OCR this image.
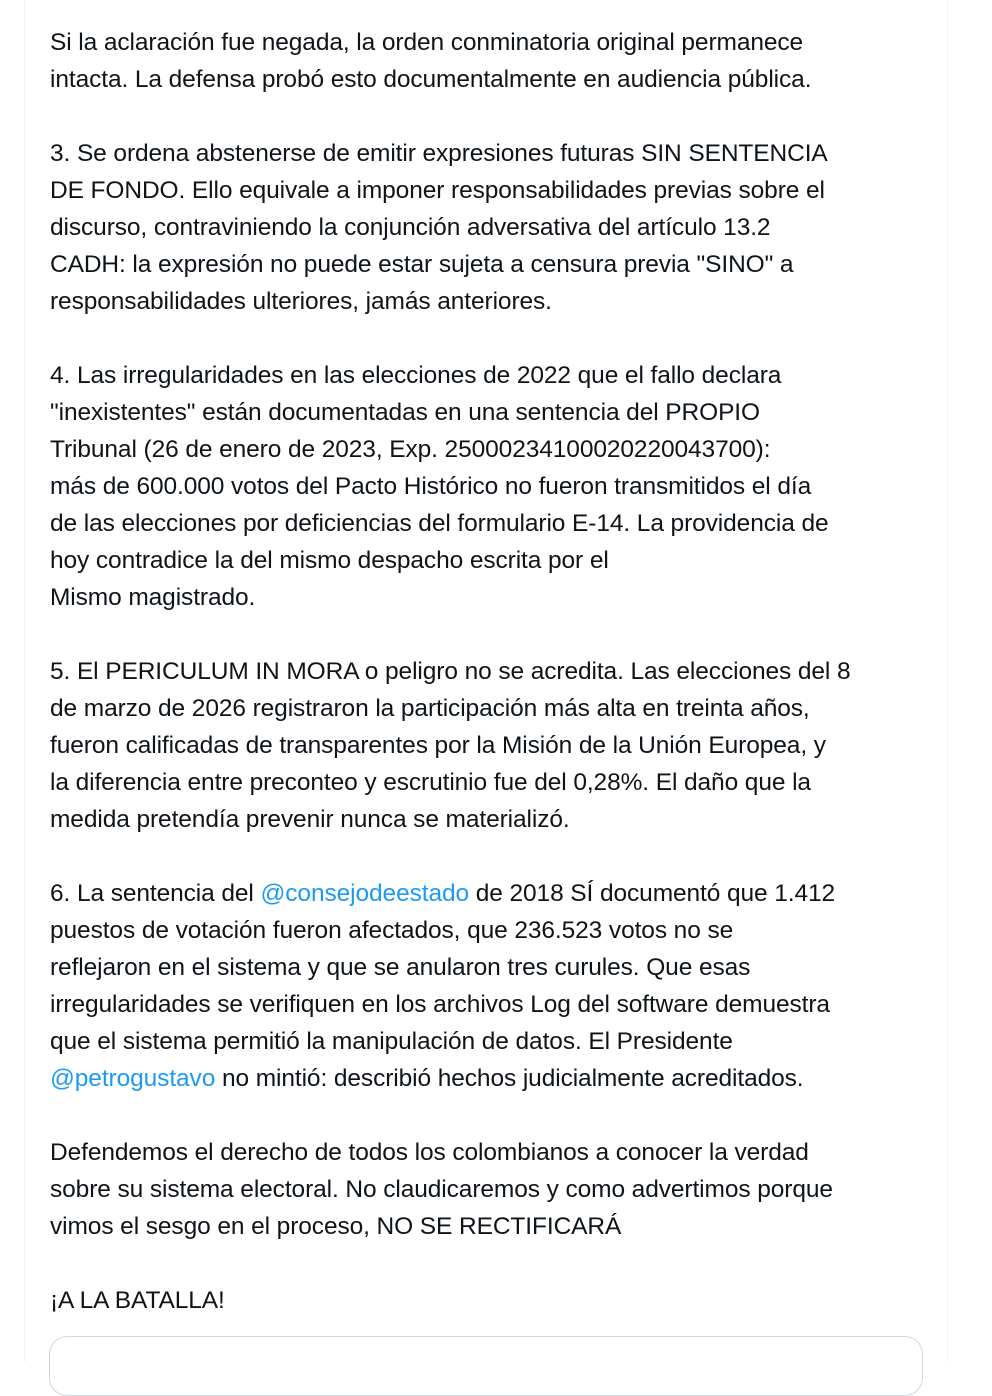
Si la aclaración fue negada, la orden conminatoria original permanece
intacta. La defensa probó esto documentalmente en audiencia pública.
3. Se ordena abstenerse de emitir expresiones futuras SIN SENTENCIA
DE FONDO. Ello equivale a imponer responsabilidades previas sobre el
discurso, contraviniendo la conjunción adversativa del artículo 13.2
CADH: la expresión no puede estar sujeta a censura previa "SINO" a
responsabilidades ulteriores, jamás anteriores.
4. Las irregularidades en las elecciones de 2022 que el fallo declara
"inexistentes" están documentadas en una sentencia del PROPIO
Tribunal (26 de enero de 2023, Exp. 25000234100020220043700):
más de 600.000 votos del Pacto Histórico no fueron transmitidos el día
de las elecciones por deficiencias del formulario E-14. La providencia de
hoy contradice la del mismo despacho escrita por el
Mismo magistrado.
5. El PERICULUM IN MORA o peligro no se acredita. Las elecciones del 8
de marzo de 2026 registraron la participación más alta en treinta años,
fueron calificadas de transparentes por la Misión de la Unión Europea, y
la diferencia entre preconteo y escrutinio fue del 0,28%. El daño que la
medida pretendía prevenir nunca se materializó.
6. La sentencia del @consejodeestado de 2018 SÍ documentó que 1.412
puestos de votación fueron afectados, que 236.523 votos no se
reflejaron en el sistema y que se anularon tres curules. Que esas
irregularidades se verifiquen en los archivos Log del software demuestra
que el sistema permitió la manipulación de datos. El Presidente
@petrogustavo no mintió: describió hechos judicialmente acreditados.
Defendemos el derecho de todos los colombianos a conocer la verdad
sobre su sistema electoral. No claudicaremos y como advertimos porque
vimos el sesgo en el proceso, NO SE RECTIFICARÁ
¡A LA BATALLA!
